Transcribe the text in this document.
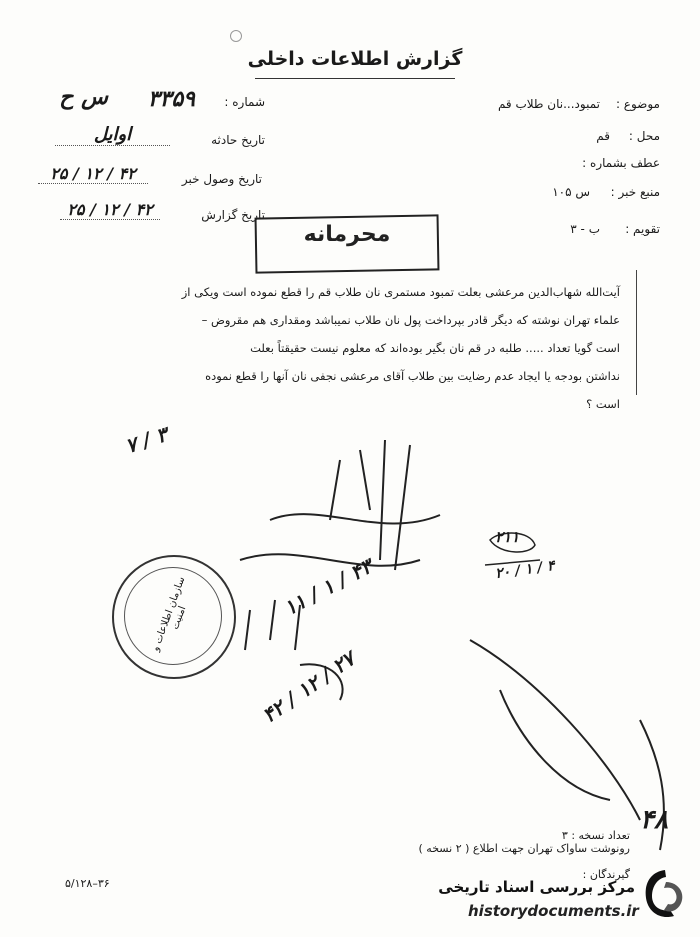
گزارش اطلاعات داخلی
شماره :
۳۳۵۹
س ح
تاریخ حادثه
اوایل
تاریخ وصول خبر
۲۵ / ۱۲ / ۴۲
تاریخ گزارش
۲۵ / ۱۲ / ۴۲
موضوع :
تمبود...نان طلاب قم
محل :
قم
عطف بشماره :
منبع خبر :
س ۱۰۵
تقویم :
ب - ۳
محرمانه
آیت‌الله شهاب‌الدین مرعشی بعلت تمبود مستمری نان طلاب قم را قطع نموده است ویکی از
علماء تهران نوشته که دیگر قادر بپرداخت پول نان طلاب نمیباشد ومقداری هم مقروض –
است گویا تعداد ..... طلبه در قم نان بگیر بوده‌اند که معلوم نیست حقیقتاً بعلت
نداشتن بودجه یا ایجاد عدم رضایت بین طلاب آقای مرعشی نجفی نان آنها را قطع نموده
است ؟
۷ / ۳
۲۱۱
۲۰ / ۱ / ۴
۱۱ / ۱ / ۴۳
۴۲ / ۱۲ / ۲۷
۴۸
سازمان اطلاعات و امنیت
تعداد نسخه : ۳
رونوشت ساواک تهران جهت اطلاع ( ۲ نسخه )
گیرندگان :
۵/۱۲۸–۳۶	مرکز بررسی اسناد تاریخی
historydocuments.ir
